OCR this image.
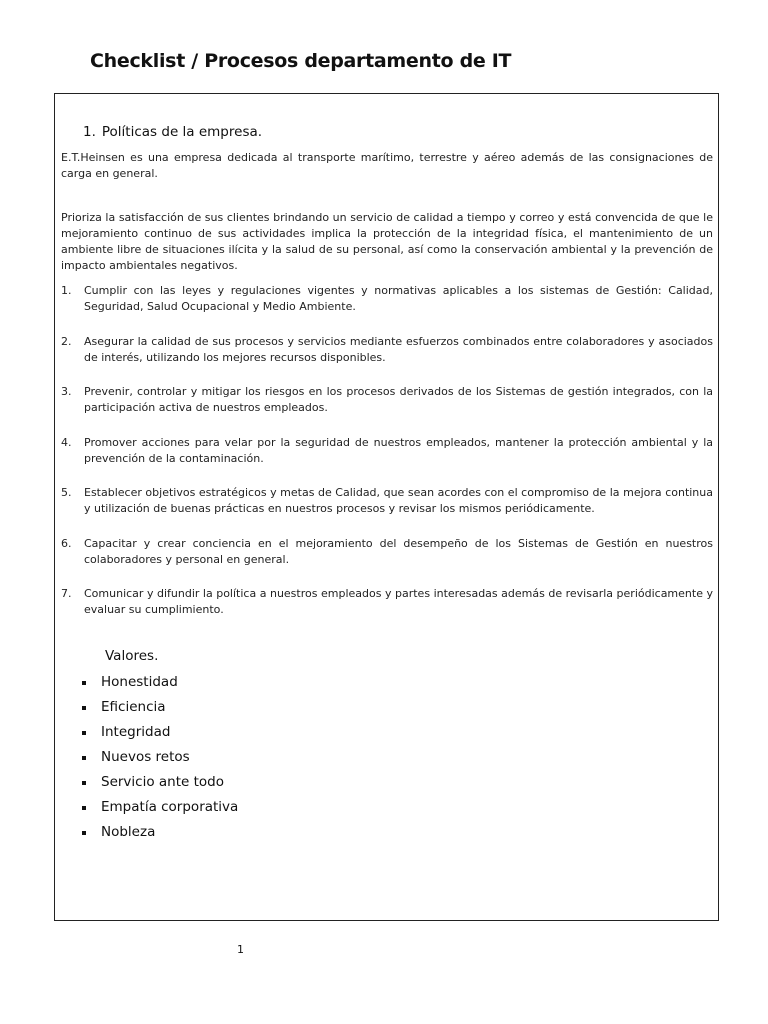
Checklist / Procesos departamento de IT
1. Políticas de la empresa.

E.T.Heinsen es una empresa dedicada al transporte marítimo, terrestre y aéreo además de las consignaciones de carga en general.

Prioriza la satisfacción de sus clientes brindando un servicio de calidad a tiempo y correo y está convencida de que le mejoramiento continuo de sus actividades implica la protección de la integridad física, el mantenimiento de un ambiente libre de situaciones ilícita y la salud de su personal, así como la conservación ambiental y la prevención de impacto ambientales negativos.

1. Cumplir con las leyes y regulaciones vigentes y normativas aplicables a los sistemas de Gestión: Calidad, Seguridad, Salud Ocupacional y Medio Ambiente.
2. Asegurar la calidad de sus procesos y servicios mediante esfuerzos combinados entre colaboradores y asociados de interés, utilizando los mejores recursos disponibles.
3. Prevenir, controlar y mitigar los riesgos en los procesos derivados de los Sistemas de gestión integrados, con la participación activa de nuestros empleados.
4. Promover acciones para velar por la seguridad de nuestros empleados, mantener la protección ambiental y la prevención de la contaminación.
5. Establecer objetivos estratégicos y metas de Calidad, que sean acordes con el compromiso de la mejora continua y utilización de buenas prácticas en nuestros procesos y revisar los mismos periódicamente.
6. Capacitar y crear conciencia en el mejoramiento del desempeño de los Sistemas de Gestión en nuestros colaboradores y personal en general.
7. Comunicar y difundir la política a nuestros empleados y partes interesadas además de revisarla periódicamente y evaluar su cumplimiento.
Valores.
Honestidad
Eficiencia
Integridad
Nuevos retos
Servicio ante todo
Empatía corporativa
Nobleza
1
